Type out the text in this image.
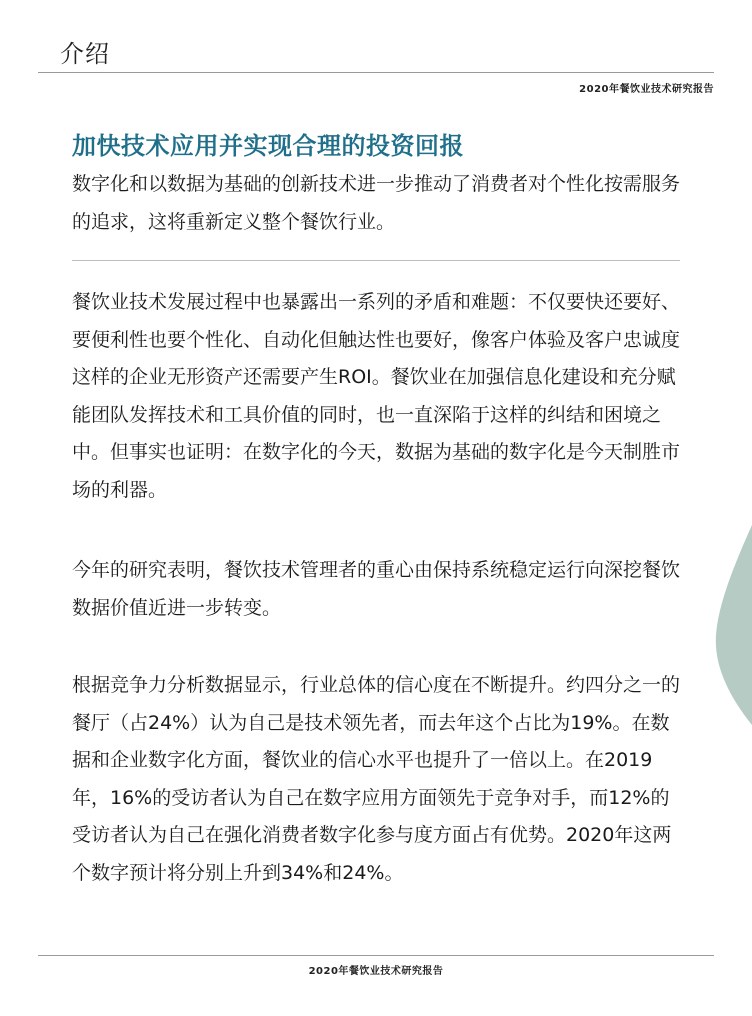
介绍
2020年餐饮业技术研究报告
加快技术应用并实现合理的投资回报

数字化和以数据为基础的创新技术进一步推动了消费者对个性化按需服务的追求，这将重新定义整个餐饮行业。

餐饮业技术发展过程中也暴露出一系列的矛盾和难题：不仅要快还要好、要便利性也要个性化、自动化但触达性也要好，像客户体验及客户忠诚度这样的企业无形资产还需要产生ROI。餐饮业在加强信息化建设和充分赋能团队发挥技术和工具价值的同时，也一直深陷于这样的纠结和困境之中。但事实也证明：在数字化的今天，数据为基础的数字化是今天制胜市场的利器。

今年的研究表明，餐饮技术管理者的重心由保持系统稳定运行向深挖餐饮数据价值近进一步转变。

根据竞争力分析数据显示，行业总体的信心度在不断提升。约四分之一的餐厅（占24%）认为自己是技术领先者，而去年这个占比为19%。在数据和企业数字化方面，餐饮业的信心水平也提升了一倍以上。在2019年，16%的受访者认为自己在数字应用方面领先于竞争对手，而12%的受访者认为自己在强化消费者数字化参与度方面占有优势。2020年这两个数字预计将分别上升到34%和24%。

2020年餐饮业技术研究报告
